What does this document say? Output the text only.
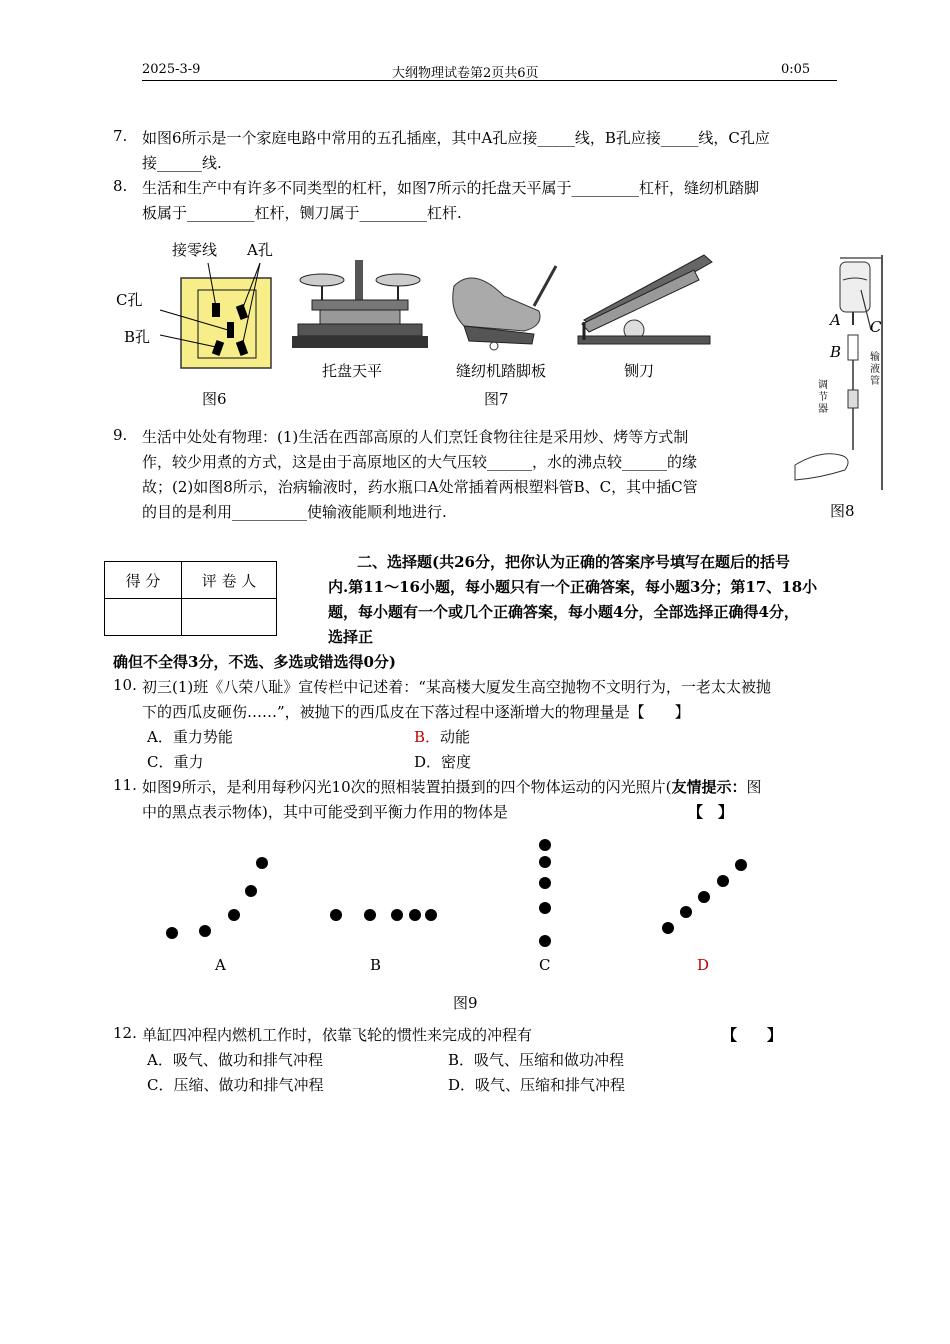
2025-3-9	大纲物理试卷第2页共6页	0:05
7. 如图6所示是一个家庭电路中常用的五孔插座，其中A孔应接_____线，B孔应接_____线，C孔应
接______线.
8. 生活和生产中有许多不同类型的杠杆，如图7所示的托盘天平属于_________杠杆，缝纫机踏脚
板属于_________杠杆，铡刀属于_________杠杆.
接零线 A孔
C孔
B孔
图6
托盘天平	缝纫机踏脚板	铡刀
图7
A C
B	输液管
调节器
图8
9. 生活中处处有物理：(1)生活在西部高原的人们烹饪食物往往是采用炒、烤等方式制
作，较少用煮的方式，这是由于高原地区的大气压较______，水的沸点较______的缘
故；(2)如图8所示，治病输液时，药水瓶口A处常插着两根塑料管B、C，其中插C管
的目的是利用__________使输液能顺利地进行.
得 分	评 卷 人

二、选择题(共26分，把你认为正确的答案序号填写在题后的括号
内.第11～16小题，每小题只有一个正确答案，每小题3分；第17、18小
题，每小题有一个或几个正确答案，每小题4分，全部选择正确得4分，
选择正
确但不全得3分，不选、多选或错选得0分)
10. 初三(1)班《八荣八耻》宣传栏中记述着：“某高楼大厦发生高空抛物不文明行为，一老太太被抛
下的西瓜皮砸伤……”，被抛下的西瓜皮在下落过程中逐渐增大的物理量是【　　】
A．重力势能	B．动能
C．重力	D．密度
11. 如图9所示，是利用每秒闪光10次的照相装置拍摄到的四个物体运动的闪光照片(友情提示：图
中的黑点表示物体)，其中可能受到平衡力作用的物体是	【　】
A	B	C	D
图9
12. 单缸四冲程内燃机工作时，依靠飞轮的惯性来完成的冲程有	【　　】
A．吸气、做功和排气冲程	B．吸气、压缩和做功冲程
C．压缩、做功和排气冲程	D．吸气、压缩和排气冲程
